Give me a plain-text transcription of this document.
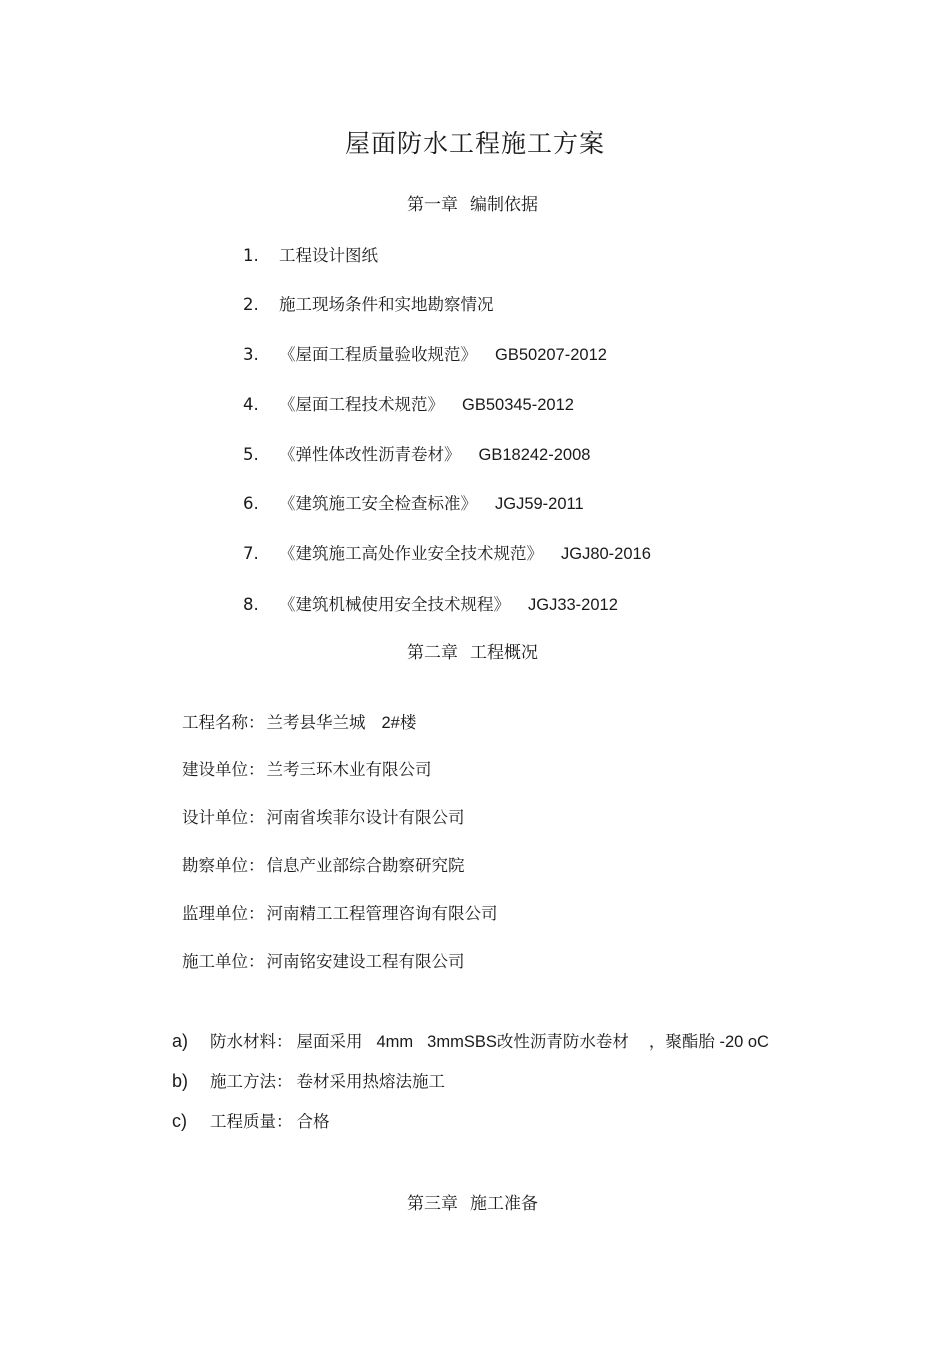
屋面防水工程施工方案
第一章 编制依据
1. 工程设计图纸
2. 施工现场条件和实地勘察情况
3. 《屋面工程质量验收规范》 GB50207-2012
4. 《屋面工程技术规范》 GB50345-2012
5. 《弹性体改性沥青卷材》 GB18242-2008
6. 《建筑施工安全检查标准》 JGJ59-2011
7. 《建筑施工高处作业安全技术规范》 JGJ80-2016
8. 《建筑机械使用安全技术规程》 JGJ33-2012
第二章 工程概况
工程名称： 兰考县华兰城 2#楼
建设单位： 兰考三环木业有限公司
设计单位： 河南省埃菲尔设计有限公司
勘察单位： 信息产业部综合勘察研究院
监理单位： 河南精工工程管理咨询有限公司
施工单位： 河南铭安建设工程有限公司
a) 防水材料： 屋面采用 4mm 3mmSBS改性沥青防水卷材 ，聚酯胎 -20 oC
b) 施工方法： 卷材采用热熔法施工
c) 工程质量： 合格
第三章 施工准备
